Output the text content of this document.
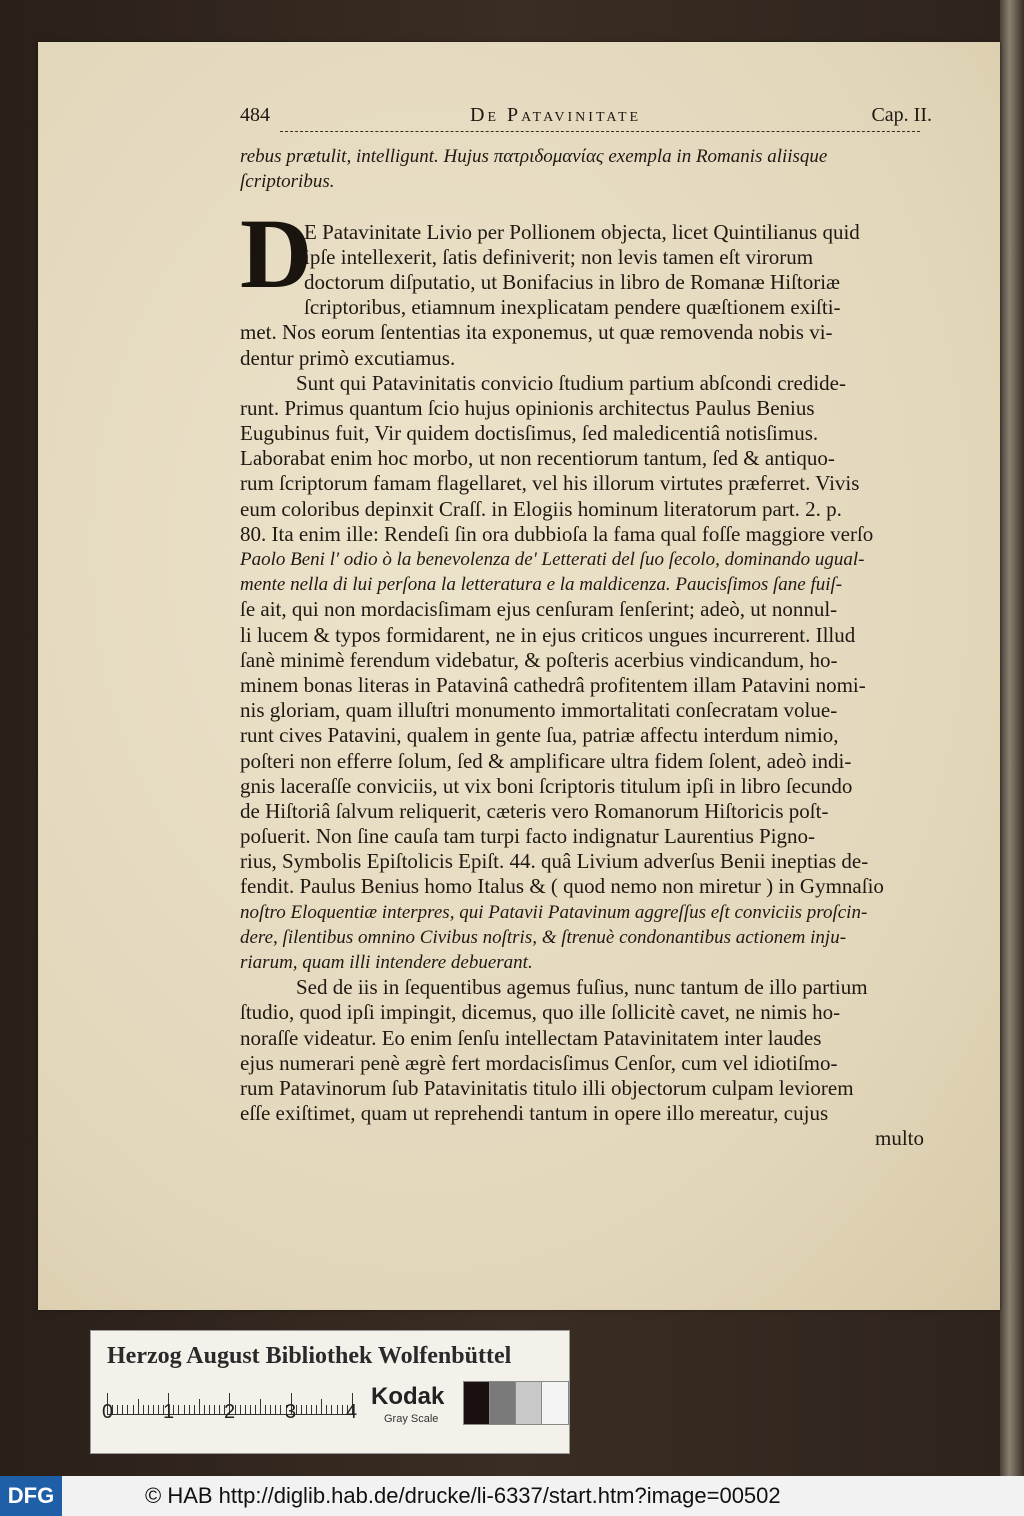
484	De Patavinitate	Cap. II.
D
rebus prætulit, intelligunt. Hujus πατριδομανίας exempla in Romanis aliisque
ſcriptoribus.
E Patavinitate Livio per Pollionem objecta, licet Quintilianus quid
ipſe intellexerit, ſatis definiverit; non levis tamen eſt virorum
doctorum diſputatio, ut Bonifacius in libro de Romanæ Hiſtoriæ
ſcriptoribus, etiamnum inexplicatam pendere quæſtionem exiſti-
met. Nos eorum ſententias ita exponemus, ut quæ removenda nobis vi-
dentur primò excutiamus.
Sunt qui Patavinitatis convicio ſtudium partium abſcondi credide-
runt. Primus quantum ſcio hujus opinionis architectus Paulus Benius
Eugubinus fuit, Vir quidem doctisſimus, ſed maledicentiâ notisſimus.
Laborabat enim hoc morbo, ut non recentiorum tantum, ſed & antiquo-
rum ſcriptorum famam flagellaret, vel his illorum virtutes præferret. Vivis
eum coloribus depinxit Craſſ. in Elogiis hominum literatorum part. 2. p.
80. Ita enim ille: Rendeſi ſin ora dubbioſa la fama qual foſſe maggiore verſo
Paolo Beni l' odio ò la benevolenza de' Letterati del ſuo ſecolo, dominando ugual-
mente nella di lui perſona la letteratura e la maldicenza. Paucisſimos ſane fuiſ-
ſe ait, qui non mordacisſimam ejus cenſuram ſenſerint; adeò, ut nonnul-
li lucem & typos formidarent, ne in ejus criticos ungues incurrerent. Illud
ſanè minimè ferendum videbatur, & poſteris acerbius vindicandum, ho-
minem bonas literas in Patavinâ cathedrâ profitentem illam Patavini nomi-
nis gloriam, quam illuſtri monumento immortalitati conſecratam volue-
runt cives Patavini, qualem in gente ſua, patriæ affectu interdum nimio,
poſteri non efferre ſolum, ſed & amplificare ultra fidem ſolent, adeò indi-
gnis laceraſſe conviciis, ut vix boni ſcriptoris titulum ipſi in libro ſecundo
de Hiſtoriâ ſalvum reliquerit, cæteris vero Romanorum Hiſtoricis poſt-
poſuerit. Non ſine cauſa tam turpi facto indignatur Laurentius Pigno-
rius, Symbolis Epiſtolicis Epiſt. 44. quâ Livium adverſus Benii ineptias de-
fendit. Paulus Benius homo Italus & ( quod nemo non miretur ) in Gymnaſio
noſtro Eloquentiæ interpres, qui Patavii Patavinum aggreſſus eſt conviciis proſcin-
dere, ſilentibus omnino Civibus noſtris, & ſtrenuè condonantibus actionem inju-
riarum, quam illi intendere debuerant.
Sed de iis in ſequentibus agemus fuſius, nunc tantum de illo partium
ſtudio, quod ipſi impingit, dicemus, quo ille ſollicitè cavet, ne nimis ho-
noraſſe videatur. Eo enim ſenſu intellectam Patavinitatem inter laudes
ejus numerari penè ægrè fert mordacisſimus Cenſor, cum vel idiotiſmo-
rum Patavinorum ſub Patavinitatis titulo illi objectorum culpam leviorem
eſſe exiſtimet, quam ut reprehendi tantum in opere illo mereatur, cujus
multo
Herzog August Bibliothek Wolfenbüttel
Kodak
Gray Scale
0 1 2 3 4
DFG	© HAB http://diglib.hab.de/drucke/li-6337/start.htm?image=00502
